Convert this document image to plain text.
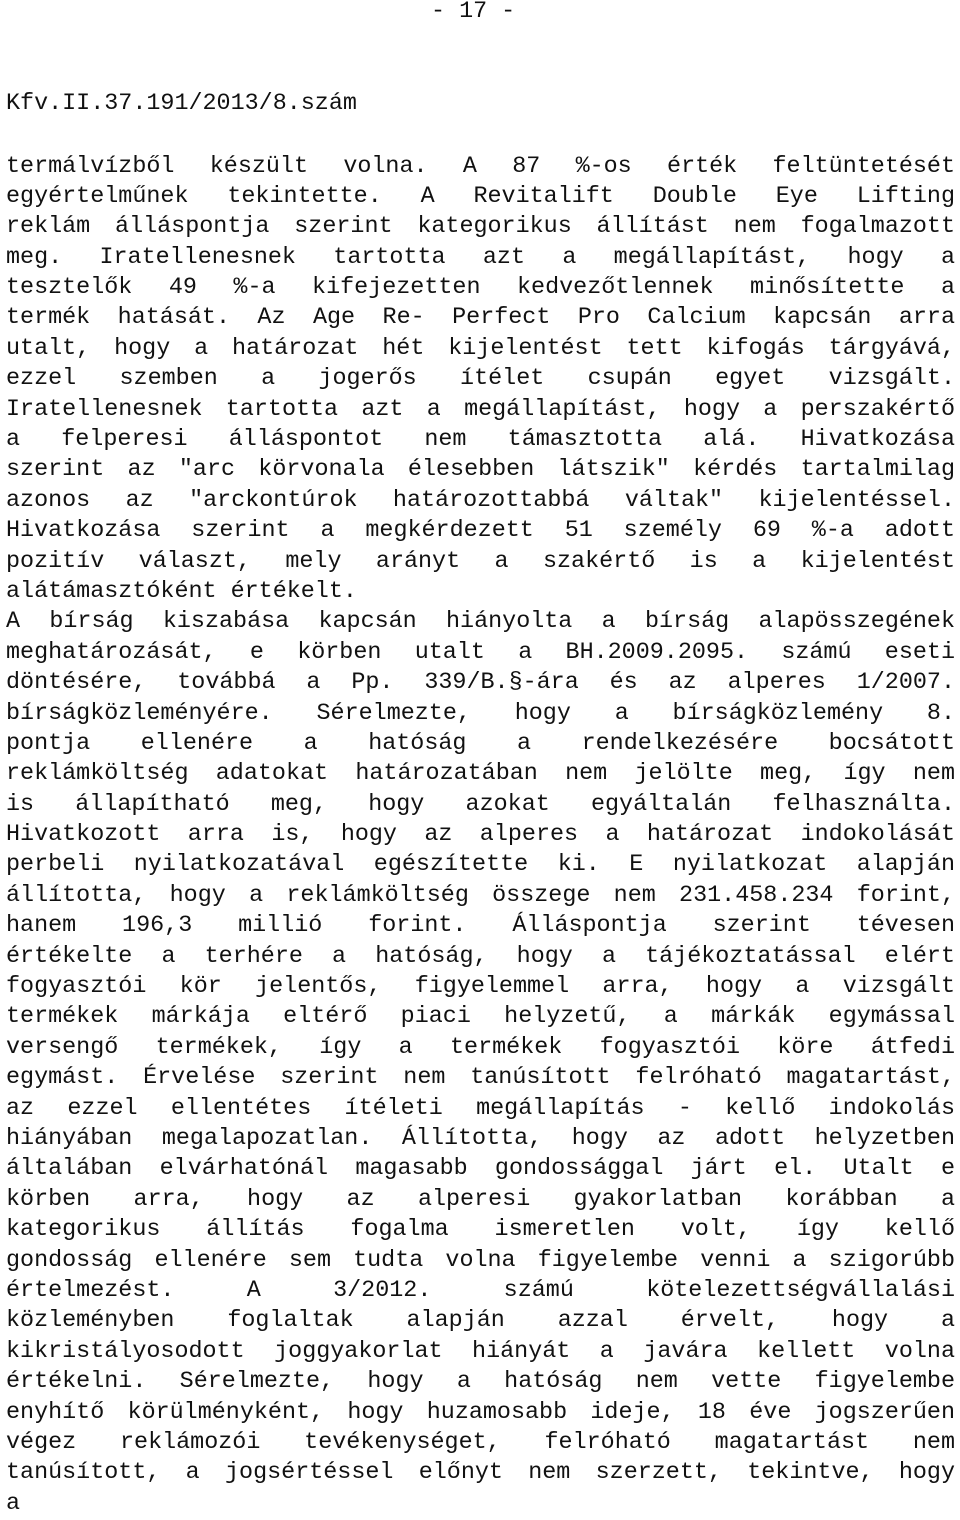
- 17 -
Kfv.II.37.191/2013/8.szám
termálvízből készült volna. A 87 %-os érték feltüntetését
egyértelműnek tekintette. A Revitalift Double Eye Lifting
reklám álláspontja szerint kategorikus állítást nem fogalmazott
meg. Iratellenesnek tartotta azt a megállapítást, hogy a
tesztelők 49 %-a kifejezetten kedvezőtlennek minősítette a
termék hatását. Az Age Re- Perfect Pro Calcium kapcsán arra
utalt, hogy a határozat hét kijelentést tett kifogás tárgyává,
ezzel szemben a jogerős ítélet csupán egyet vizsgált.
Iratellenesnek tartotta azt a megállapítást, hogy a perszakértő
a felperesi álláspontot nem támasztotta alá. Hivatkozása
szerint az "arc körvonala élesebben látszik" kérdés tartalmilag
azonos az "arckontúrok határozottabbá váltak" kijelentéssel.
Hivatkozása szerint a megkérdezett 51 személy 69 %-a adott
pozitív választ, mely arányt a szakértő is a kijelentést
alátámasztóként értékelt.
A bírság kiszabása kapcsán hiányolta a bírság alapösszegének
meghatározását, e körben utalt a BH.2009.2095. számú eseti
döntésére, továbbá a Pp. 339/B.§-ára és az alperes 1/2007.
bírságközleményére. Sérelmezte, hogy a bírságközlemény 8.
pontja ellenére a hatóság a rendelkezésére bocsátott
reklámköltség adatokat határozatában nem jelölte meg, így nem
is állapítható meg, hogy azokat egyáltalán felhasználta.
Hivatkozott arra is, hogy az alperes a határozat indokolását
perbeli nyilatkozatával egészítette ki. E nyilatkozat alapján
állította, hogy a reklámköltség összege nem 231.458.234 forint,
hanem 196,3 millió forint. Álláspontja szerint tévesen
értékelte a terhére a hatóság, hogy a tájékoztatással elért
fogyasztói kör jelentős, figyelemmel arra, hogy a vizsgált
termékek márkája eltérő piaci helyzetű, a márkák egymással
versengő termékek, így a termékek fogyasztói köre átfedi
egymást. Érvelése szerint nem tanúsított felróható magatartást,
az ezzel ellentétes ítéleti megállapítás - kellő indokolás
hiányában megalapozatlan. Állította, hogy az adott helyzetben
általában elvárhatónál magasabb gondossággal járt el. Utalt e
körben arra, hogy az alperesi gyakorlatban korábban a
kategorikus állítás fogalma ismeretlen volt, így kellő
gondosság ellenére sem tudta volna figyelembe venni a szigorúbb
értelmezést. A 3/2012. számú kötelezettségvállalási
közleményben foglaltak alapján azzal érvelt, hogy a
kikristályosodott joggyakorlat hiányát a javára kellett volna
értékelni. Sérelmezte, hogy a hatóság nem vette figyelembe
enyhítő körülményként, hogy huzamosabb ideje, 18 éve jogszerűen
végez reklámozói tevékenységet, felróható magatartást nem
tanúsított, a jogsértéssel előnyt nem szerzett, tekintve, hogy
a
